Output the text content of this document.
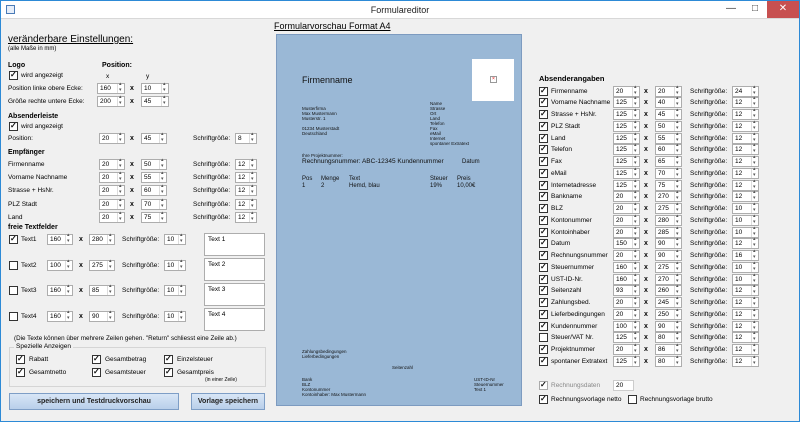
Formulareditor	—	□	✕
veränderbare Einstellungen:
(alle Maße in mm)
Logo	Position:
x	y
✓
wird angezeigt
Position linke obere Ecke:	160 ▴ ▾	x 10
▴ ▾
Größe rechte untere Ecke: 200 ▴ ▾	x 45
▴ ▾
Absenderleiste
✓
wird angezeigt
Position:	20 ▴ ▾	x 45 ▴ ▾	Schriftgröße: 8
▴ ▾
Empfänger
Firmenname	20 ▴ ▾	x 50 ▴ ▾	Schriftgröße: 12
▴ ▾
Vorname Nachname	20 ▴ ▾	x 55 ▴ ▾	Schriftgröße: 12
▴ ▾
Strasse + HsNr.	20 ▴ ▾	x 60 ▴ ▾	Schriftgröße: 12
▴ ▾
PLZ Stadt	20 ▴ ▾	x 70 ▴ ▾	Schriftgröße: 12
▴ ▾
Land	20 ▴ ▾	x 75 ▴ ▾	Schriftgröße: 12
▴ ▾
freie Textfelder
✓
Text1 160 ▴ ▾	x 280 ▴ ▾	Schriftgröße: 10 ▴ ▾	Text 1
Text2 100 ▴ ▾	x 275 ▴ ▾	Schriftgröße: 10 ▴ ▾	Text 2
Text3 160 ▴ ▾	x 85 ▴ ▾	Schriftgröße: 10 ▴ ▾	Text 3
Text4 160 ▴ ▾	x 90 ▴ ▾	Schriftgröße: 10 ▴ ▾	Text 4
(Die Texte können über mehrere Zeilen gehen. "Return" schliesst eine Zeile ab.)
Spezielle Anzeigen
✓
Rabatt ✓	Gesamtbetrag ✓	Einzelsteuer
✓
Gesamtnetto ✓	Gesamtsteuer ✓	Gesamtpreis
(in einer Zeile)
speichern und Testdruckvorschau	Vorlage speichern
Formularvorschau Format A4
Firmenname	×
Musterfirma
Max Mustermann
Musterstr. 1
01234 Musterstadt
Deutschland
Name
Strasse
Ort
Land
Telefon
Fax
eMail
Internet
spontaner Extratext
Ihre Projektnummer:
Rechnungsnummer: ABC-12345 Kundennummer	Datum
Pos Menge Text	Steuer Preis
1	2	Hemd, blau	19% 10,00€
Zahlungsbedingungen
Lieferbedingungen
Seitenzahl
Bank
BLZ
Kontonummer
Kontoinhaber: Max Mustermann
UST-ID-Nr
Steuernummer
Text 1
Absenderangaben
✓
Firmenname	20 ▴ ▾	x 20 ▴ ▾	Schriftgröße: 24
▴ ▾
✓
Vorname Nachname 125 ▴ ▾ x 40 ▴ ▾	Schriftgröße: 12
▴ ▾
✓
Strasse + HsNr.	125 ▴ ▾ x 45 ▴ ▾	Schriftgröße: 12
▴ ▾
✓
PLZ Stadt	125 ▴ ▾ x 50 ▴ ▾	Schriftgröße: 12
▴ ▾
✓
Land	125 ▴ ▾ x 55 ▴ ▾	Schriftgröße: 12
▴ ▾
✓
Telefon	125 ▴ ▾ x 60 ▴ ▾	Schriftgröße: 12
▴ ▾
✓
Fax	125 ▴ ▾ x 65 ▴ ▾	Schriftgröße: 12
▴ ▾
✓
eMail	125 ▴ ▾ x 70 ▴ ▾	Schriftgröße: 12
▴ ▾
✓
Internetadresse	125 ▴ ▾ x 75 ▴ ▾	Schriftgröße: 12
▴ ▾
✓
Bankname	20 ▴ ▾	x 270 ▴ ▾	Schriftgröße: 12
▴ ▾
✓
BLZ	20 ▴ ▾	x 275 ▴ ▾	Schriftgröße: 10
▴ ▾
✓
Kontonummer	20 ▴ ▾	x 280 ▴ ▾	Schriftgröße: 10
▴ ▾
✓
Kontoinhaber	20 ▴ ▾	x 285 ▴ ▾	Schriftgröße: 10
▴ ▾
✓
Datum	150 ▴ ▾ x 90 ▴ ▾	Schriftgröße: 12
▴ ▾
✓
Rechnungsnummer 20 ▴ ▾	x 90 ▴ ▾	Schriftgröße: 16
▴ ▾
✓
Steuernummer	160 ▴ ▾ x 275 ▴ ▾	Schriftgröße: 10
▴ ▾
✓
UST-ID-Nr.	160 ▴ ▾ x 270 ▴ ▾	Schriftgröße: 10
▴ ▾
✓
Seitenzahl	93 ▴ ▾	x 260 ▴ ▾	Schriftgröße: 12
▴ ▾
✓
Zahlungsbed.	20 ▴ ▾	x 245 ▴ ▾	Schriftgröße: 12
▴ ▾
✓
Lieferbedingungen 20 ▴ ▾	x 250 ▴ ▾	Schriftgröße: 12
▴ ▾
✓
Kundennummer	100 ▴ ▾ x 90 ▴ ▾	Schriftgröße: 12
▴ ▾
Steuer/VAT Nr.	125 ▴ ▾ x 80 ▴ ▾	Schriftgröße: 12
▴ ▾
✓
Projektnummer	20 ▴ ▾	x 86 ▴ ▾	Schriftgröße: 12
▴ ▾
✓
spontaner Extratext 125 ▴ ▾ x 80 ▴ ▾	Schriftgröße: 12
▴ ▾
✓
Rechnungsdaten 20
✓
Rechnungsvorlage netto	Rechnungsvorlage brutto
